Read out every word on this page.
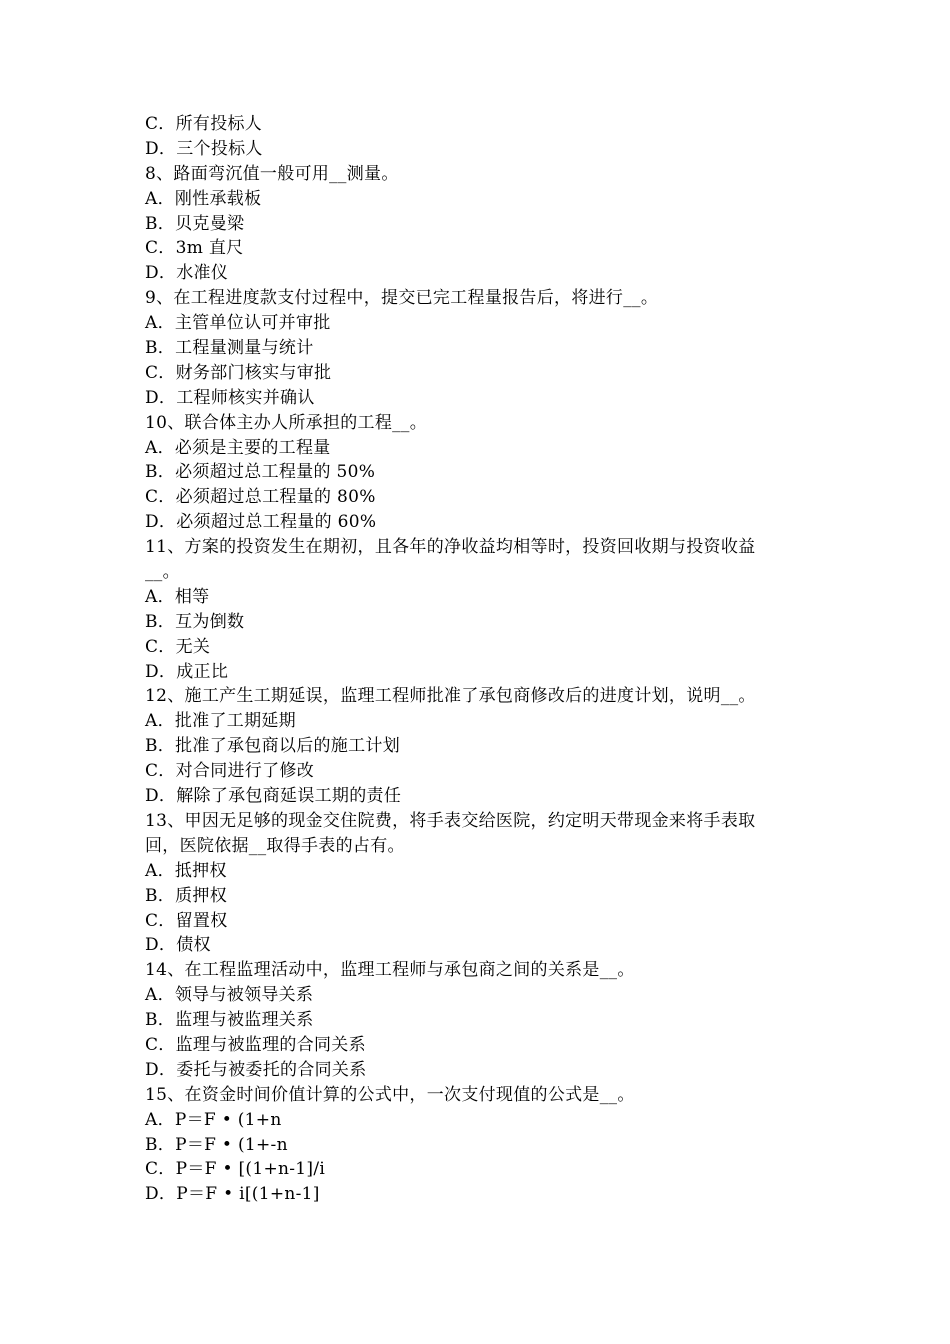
C．所有投标人
D．三个投标人
8、路面弯沉值一般可用__测量。
A．刚性承载板
B．贝克曼梁
C．3m 直尺
D．水准仪
9、在工程进度款支付过程中，提交已完工程量报告后，将进行__。
A．主管单位认可并审批
B．工程量测量与统计
C．财务部门核实与审批
D．工程师核实并确认
10、联合体主办人所承担的工程__。
A．必须是主要的工程量
B．必须超过总工程量的 50%
C．必须超过总工程量的 80%
D．必须超过总工程量的 60%
11、方案的投资发生在期初，且各年的净收益均相等时，投资回收期与投资收益
__。
A．相等
B．互为倒数
C．无关
D．成正比
12、施工产生工期延误，监理工程师批准了承包商修改后的进度计划，说明__。
A．批准了工期延期
B．批准了承包商以后的施工计划
C．对合同进行了修改
D．解除了承包商延误工期的责任
13、甲因无足够的现金交住院费，将手表交给医院，约定明天带现金来将手表取
回，医院依据__取得手表的占有。
A．抵押权
B．质押权
C．留置权
D．债权
14、在工程监理活动中，监理工程师与承包商之间的关系是__。
A．领导与被领导关系
B．监理与被监理关系
C．监理与被监理的合同关系
D．委托与被委托的合同关系
15、在资金时间价值计算的公式中，一次支付现值的公式是__。
A．P＝F • (1+n
B．P＝F • (1+-n
C．P＝F • [(1+n-1]/i
D．P＝F • i[(1+n-1]
